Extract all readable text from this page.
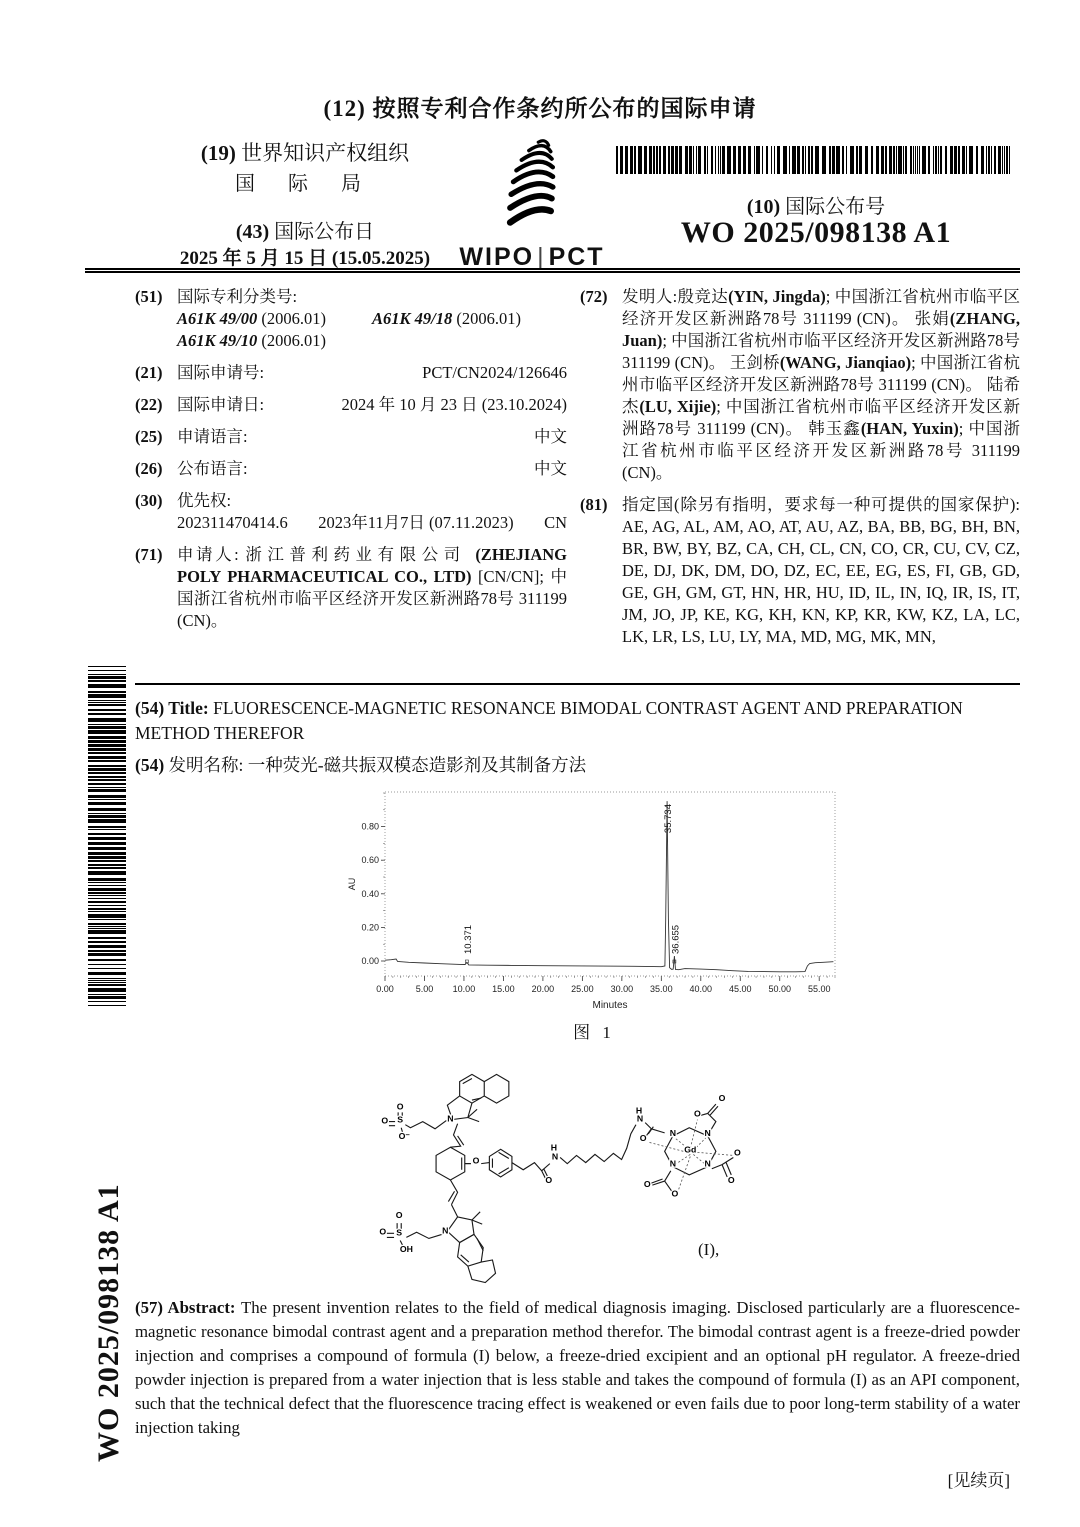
(12) 按照专利合作条约所公布的国际申请
(19) 世界知识产权组织
国 际 局
(43) 国际公布日
2025 年 5 月 15 日 (15.05.2025)	WIPO | PCT
(10) 国际公布号
WO 2025/098138 A1
(51) 国际专利分类号:
A61K 49/00 (2006.01)	A61K 49/18 (2006.01)
A61K 49/10 (2006.01)
(21) 国际申请号:	PCT/CN2024/126646
(22) 国际申请日:	2024 年 10 月 23 日 (23.10.2024)
(25) 申请语言:	中文
(26) 公布语言:	中文
(30) 优先权:
202311470414.6 2023年11月7日 (07.11.2023) CN
(71) 申请人: 浙江普利药业有限公司 (ZHEJIANG POLY PHARMACEUTICAL CO., LTD) [CN/CN]; 中国浙江省杭州市临平区经济开发区新洲路78号 311199 (CN)。
(72) 发明人:殷竞达(YIN, Jingda); 中国浙江省杭州市临平区经济开发区新洲路78号 311199 (CN)。 张娟(ZHANG, Juan); 中国浙江省杭州市临平区经济开发区新洲路78号 311199 (CN)。 王剑桥(WANG, Jianqiao); 中国浙江省杭州市临平区经济开发区新洲路78号 311199 (CN)。 陆希杰(LU, Xijie); 中国浙江省杭州市临平区经济开发区新洲路78号 311199 (CN)。 韩玉鑫(HAN, Yuxin); 中国浙江省杭州市临平区经济开发区新洲路78号 311199 (CN)。
(81) 指定国(除另有指明，要求每一种可提供的国家保护): AE, AG, AL, AM, AO, AT, AU, AZ, BA, BB, BG, BH, BN, BR, BW, BY, BZ, CA, CH, CL, CN, CO, CR, CU, CV, CZ, DE, DJ, DK, DM, DO, DZ, EC, EE, EG, ES, FI, GB, GD, GE, GH, GM, GT, HN, HR, HU, ID, IL, IN, IQ, IR, IS, IT, JM, JO, JP, KE, KG, KH, KN, KP, KR, KW, KZ, LA, LC, LK, LR, LS, LU, LY, MA, MD, MG, MK, MN,
(54) Title: FLUORESCENCE-MAGNETIC RESONANCE BIMODAL CONTRAST AGENT AND PREPARATION METHOD THEREFOR
(54) 发明名称: 一种荧光-磁共振双模态造影剂及其制备方法
WO 2025/098138 A1
0.00
0.20
0.40
0.60
0.80
0.00 5.00 10.00 15.00 20.00 25.00 30.00 35.00 40.00 45.00 50.00 55.00
Minutes
AU
10.371
35.734
36.655
图 1
O
O S
O⁻
N
O
O
H
N
H
N
O
N	N
N	N
Gd
O
O
O
O
O
O
S
O
O
OH
N
(I),
(57) Abstract: The present invention relates to the field of medical diagnosis imaging. Disclosed particularly are a fluorescence-magnetic resonance bimodal contrast agent and a preparation method therefor. The bimodal contrast agent is a freeze-dried powder injection and comprises a compound of formula (I) below, a freeze-dried excipient and an optional pH regulator. A freeze-dried powder injection is prepared from a water injection that is less stable and takes the compound of formula (I) as an API component, such that the technical defect that the fluorescence tracing effect is weakened or even fails due to poor long-term stability of a water injection taking
[见续页]
